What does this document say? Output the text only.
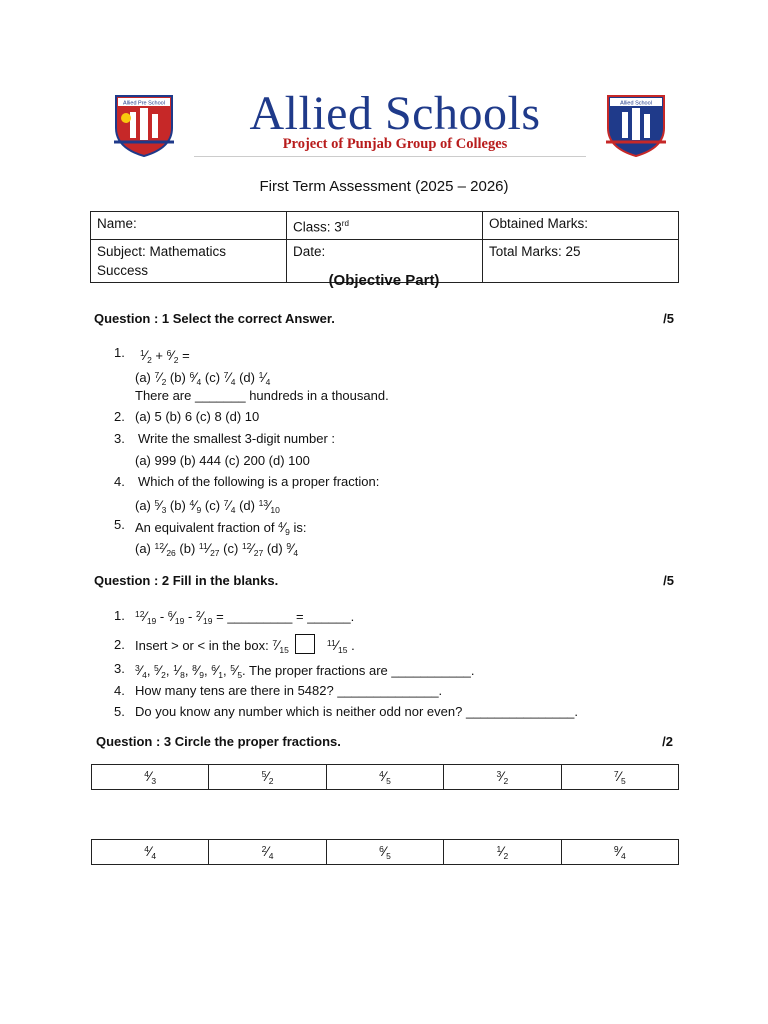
Allied Pre School	Allied Schools
Project of Punjab Group of Colleges
Allied School
First Term Assessment (2025 – 2026)
Name:	Class: 3rd	Obtained Marks:
Subject: Mathematics Success	Date:	Total Marks: 25
(Objective Part)
Question : 1 Select the correct Answer.	/5
1. $^1⁄_2$ + $^6⁄_2$ =
(a) $^7⁄_2$ (b) $^6⁄_4$ (c) $^7⁄_4$ (d) $^1⁄_4$
There are _______ hundreds in a thousand.
2. (a) 5 (b) 6 (c) 8 (d) 10
3. Write the smallest 3-digit number :
(a) 999 (b) 444 (c) 200 (d) 100
4. Which of the following is a proper fraction:
(a) $^5⁄_3$ (b) $^4⁄_9$ (c) $^7⁄_4$ (d) $^{13}⁄_{10}$
5. An equivalent fraction of $^4⁄_9$ is:
(a) $^{12}⁄_{26}$ (b) $^{11}⁄_{27}$ (c) $^{12}⁄_{27}$ (d) $^9⁄_4$
Question : 2 Fill in the blanks.	/5
1. $^{12}⁄_{19}$ - $^6⁄_{19}$ - $^2⁄_{19}$ = _________ = ______.
2. Insert > or < in the box: $^7⁄_{15}^{11}⁄_{15}$ .
3. $^3⁄_4$, $^5⁄_2$, $^1⁄_8$, $^8⁄_9$, $^6⁄_1$, $^5⁄_5$. The proper fractions are ___________.
4. How many tens are there in 5482? ______________.
5. Do you know any number which is neither odd nor even? _______________.
Question : 3 Circle the proper fractions.	/2
$^4⁄_3$	$^5⁄_2$	$^4⁄_5$	$^3⁄_2$	$^7⁄_5$
$^4⁄_4$	$^2⁄_4$	$^6⁄_5$	$^1⁄_2$	$^9⁄_4$
